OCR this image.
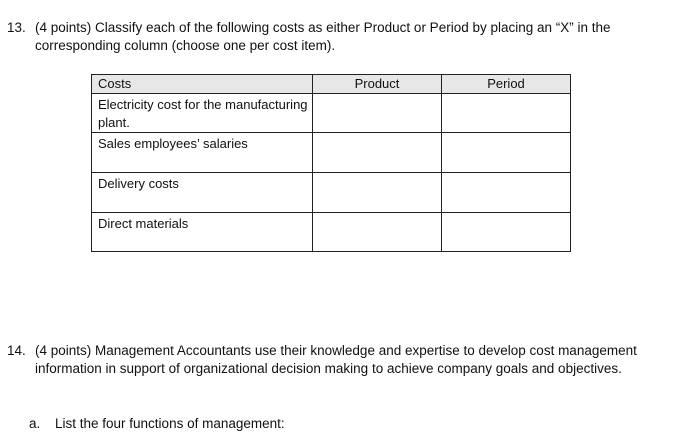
13. (4 points) Classify each of the following costs as either Product or Period by placing an “X” in the corresponding column (choose one per cost item).
Costs	Product	Period

Electricity cost for the manufacturing plant.		

Sales employees’ salaries		

Delivery costs		

Direct materials		

14. (4 points) Management Accountants use their knowledge and expertise to develop cost management information in support of organizational decision making to achieve company goals and objectives.
a. List the four functions of management:
